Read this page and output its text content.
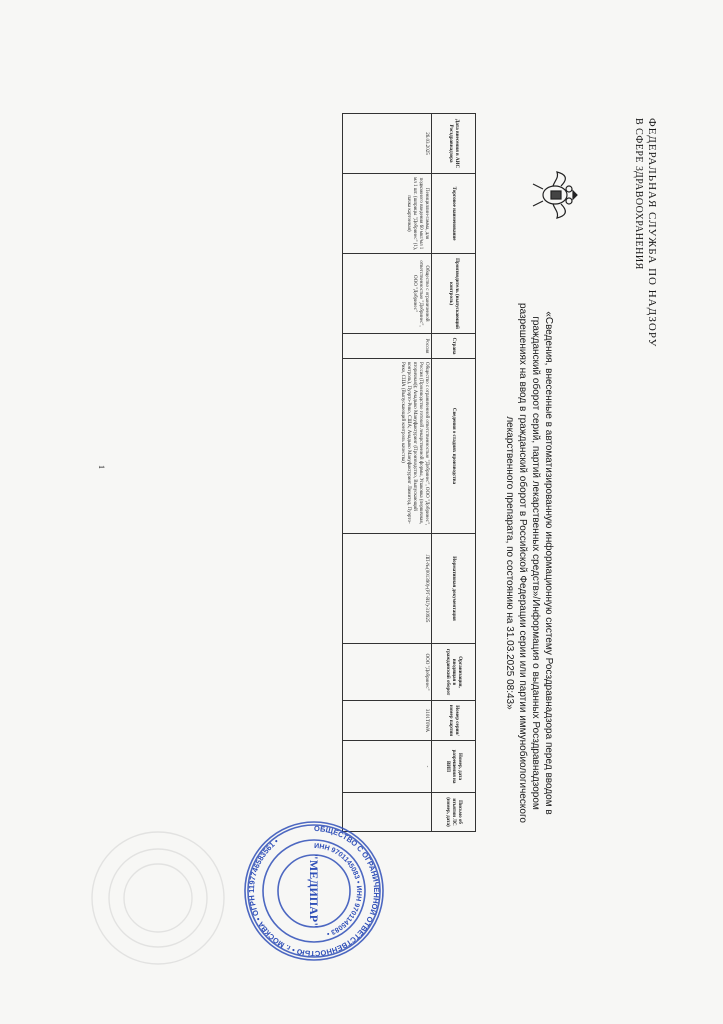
ФЕДЕРАЛЬНАЯ СЛУЖБА ПО НАДЗОРУ
В СФЕРЕ ЗДРАВООХРАНЕНИЯ
«Сведения, внесенные в автоматизированную информационную систему Росздравнадзора перед вводом в гражданский оборот серий, партий лекарственных средств»/Информация о выданных Росздравнадзором разрешениях на ввод в гражданский оборот в Российской Федерации серии или партии иммунобиологического лекарственного препарата, по состоянию на 31.03.2025 08:43»
Дата внесения в АИС Росздравнадзора	Торговое наименование	Производитель (выпускающий контроль)	Страна	Сведения о стадиях производства	Нормативная документация	Организация, вводящая в гражданский оборот	Номер серии/ номер партии	Номер, дата разрешения на ВИП	Письмо об изъятии ЛС (номер, дата)
26.03.2025	Пенициллин-гамма, для подкожного введения 60 мкг/мл 1 мл 1 шт. (шприцы "Добринес" (1), пачка картонная)	Общество с ограниченной ответственностью "Добринес", ООО "Добринес"	Россия	Общество с ограниченной ответственностью "Добринес", ООО "Добринес", Россия (Производство готовой лекарственной формы, Упаковка (первичная, вторичная)); Анадыко Мануфактуринг (Производство, Выпускающий контроль), Пуэрто-Рико, США; Анадыко Мануфактуринг Лимитед, Пуэрто-Рико, США (Выпускающий контроль качества)	ЛП-№(001390)-(РГ-RU)-310925	ООО "Добринес"	3101T0WA	-	
1
ОБЩЕСТВО С ОГРАНИЧЕННОЙ ОТВЕТСТВЕННОСТЬЮ • г. МОСКВА • ОГРН 1197746583561 •
ИНН 9701145083 • ИНН 9701145083 •
"МЕДИПАР"
